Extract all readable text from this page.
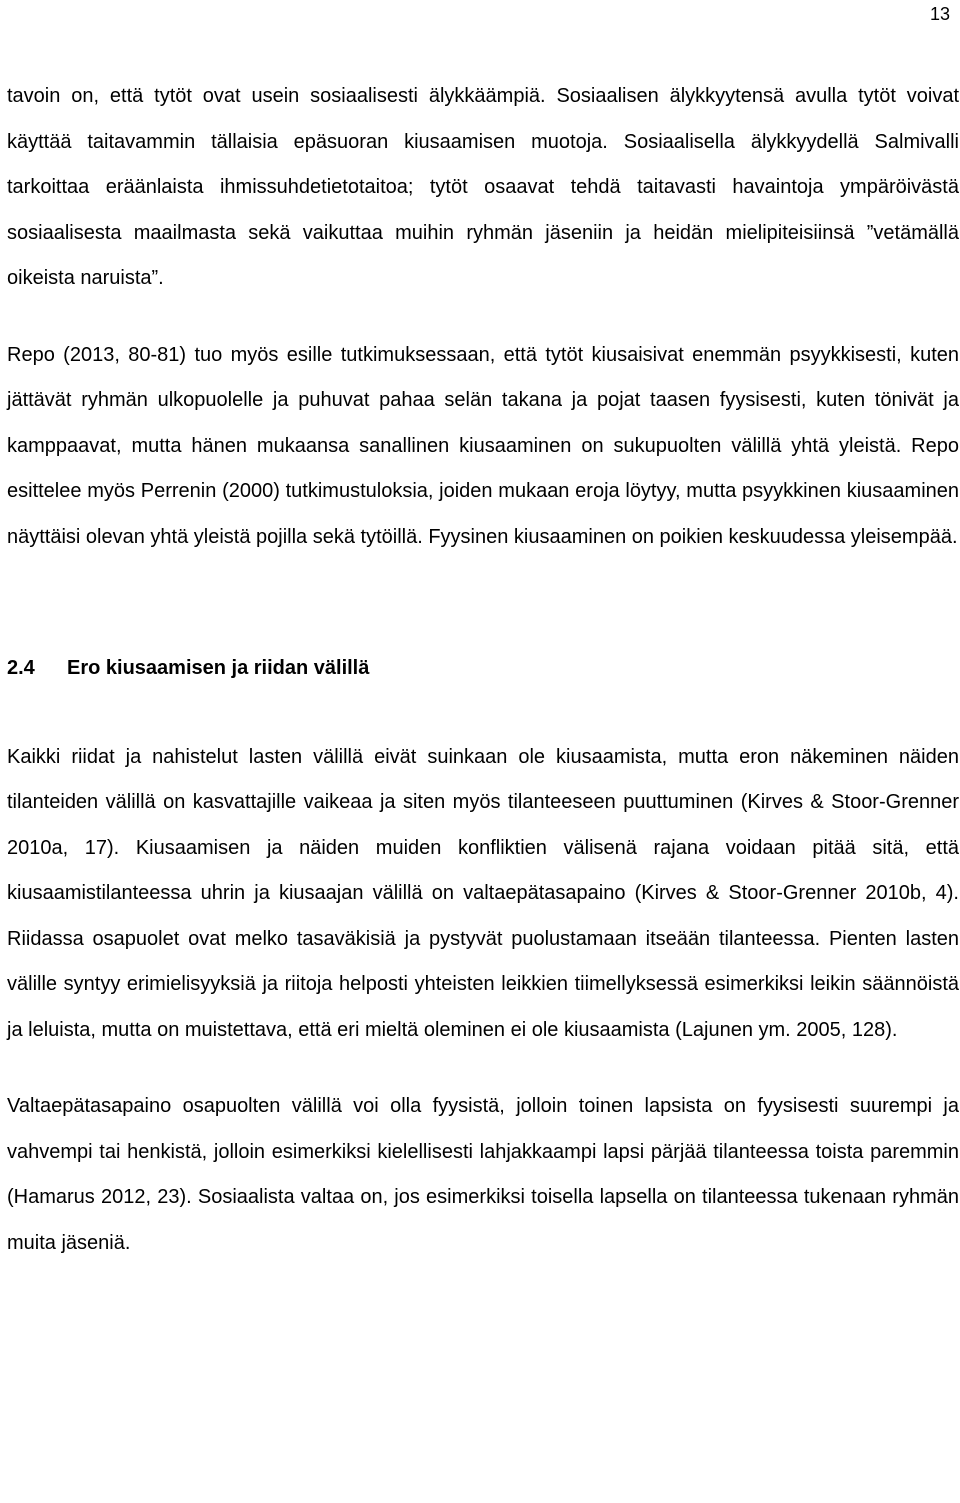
13

tavoin on, että tytöt ovat usein sosiaalisesti älykkäämpiä. Sosiaalisen älykkyytensä avulla tytöt voivat käyttää taitavammin tällaisia epäsuoran kiusaamisen muotoja. Sosiaalisella älykkyydellä Salmivalli tarkoittaa eräänlaista ihmissuhdetietotaitoa; tytöt osaavat tehdä taitavasti havaintoja ympäröivästä sosiaalisesta maailmasta sekä vaikuttaa muihin ryhmän jäseniin ja heidän mielipiteisiinsä ”vetämällä oikeista naruista”.

Repo (2013, 80-81) tuo myös esille tutkimuksessaan, että tytöt kiusaisivat enemmän psyykkisesti, kuten jättävät ryhmän ulkopuolelle ja puhuvat pahaa selän takana ja pojat taasen fyysisesti, kuten tönivät ja kamppaavat, mutta hänen mukaansa sanallinen kiusaaminen on sukupuolten välillä yhtä yleistä. Repo esittelee myös Perrenin (2000) tutkimustuloksia, joiden mukaan eroja löytyy, mutta psyykkinen kiusaaminen näyttäisi olevan yhtä yleistä pojilla sekä tytöillä. Fyysinen kiusaaminen on poikien keskuudessa yleisempää.

2.4 Ero kiusaamisen ja riidan välillä

Kaikki riidat ja nahistelut lasten välillä eivät suinkaan ole kiusaamista, mutta eron näkeminen näiden tilanteiden välillä on kasvattajille vaikeaa ja siten myös tilanteeseen puuttuminen (Kirves & Stoor-Grenner 2010a, 17). Kiusaamisen ja näiden muiden konfliktien välisenä rajana voidaan pitää sitä, että kiusaamistilanteessa uhrin ja kiusaajan välillä on valtaepätasapaino (Kirves & Stoor-Grenner 2010b, 4). Riidassa osapuolet ovat melko tasaväkisiä ja pystyvät puolustamaan itseään tilanteessa. Pienten lasten välille syntyy erimielisyyksiä ja riitoja helposti yhteisten leikkien tiimellyksessä esimerkiksi leikin säännöistä ja leluista, mutta on muistettava, että eri mieltä oleminen ei ole kiusaamista (Lajunen ym. 2005, 128).

Valtaepätasapaino osapuolten välillä voi olla fyysistä, jolloin toinen lapsista on fyysisesti suurempi ja vahvempi tai henkistä, jolloin esimerkiksi kielellisesti lahjakkaampi lapsi pärjää tilanteessa toista paremmin (Hamarus 2012, 23). Sosiaalista valtaa on, jos esimerkiksi toisella lapsella on tilanteessa tukenaan ryhmän muita jäseniä.
